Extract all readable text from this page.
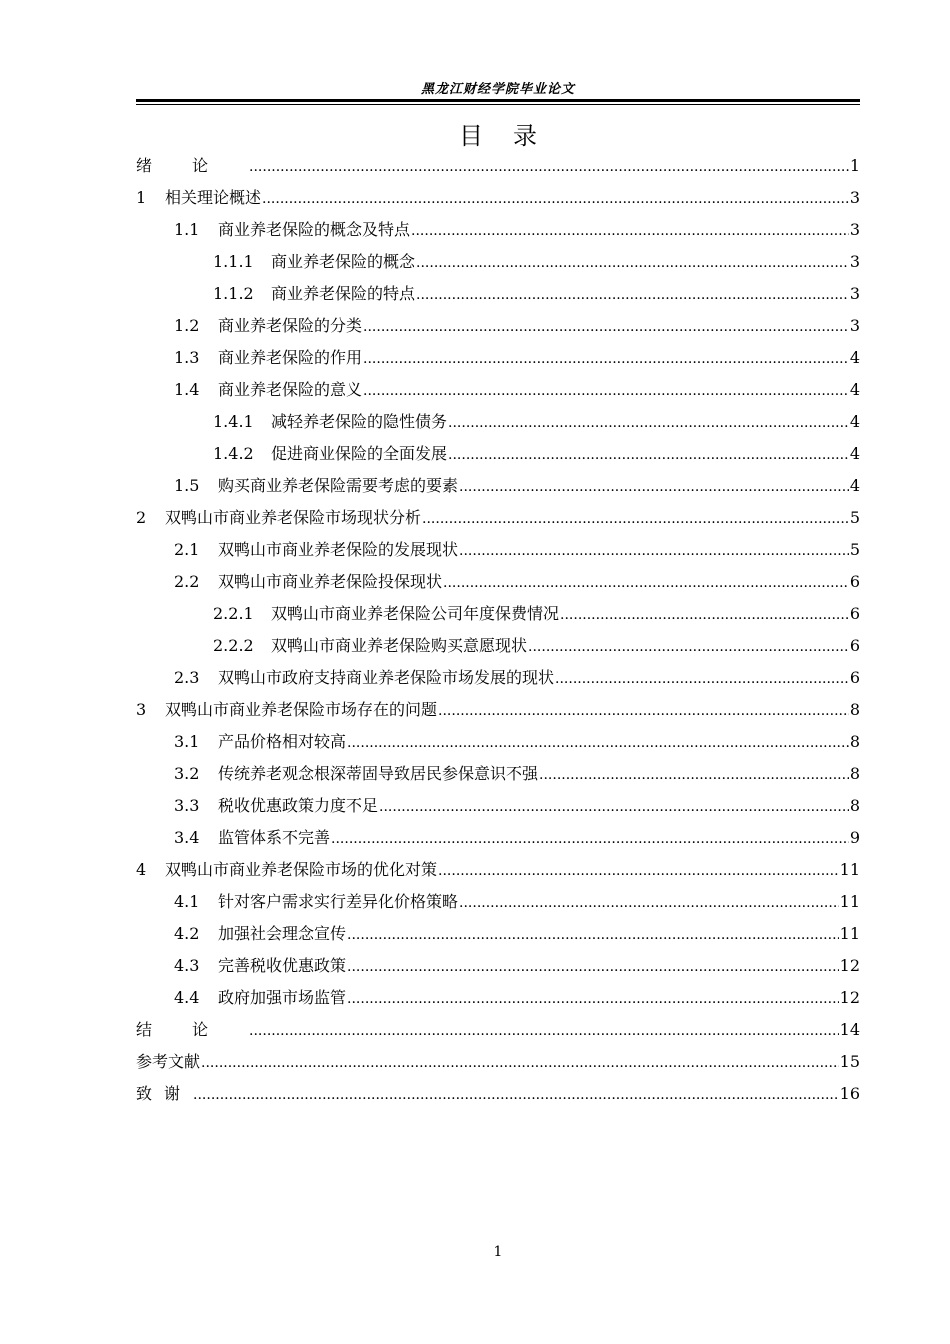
黑龙江财经学院毕业论文
目录
绪论 .....	1
1	相关理论概述 .....	3
1.1	商业养老保险的概念及特点 .....	3
1.1.1	商业养老保险的概念 .....	3
1.1.2	商业养老保险的特点 .....	3
1.2	商业养老保险的分类 .....	3
1.3	商业养老保险的作用 .....	4
1.4	商业养老保险的意义 .....	4
1.4.1	减轻养老保险的隐性债务 .....	4
1.4.2	促进商业保险的全面发展 .....	4
1.5	购买商业养老保险需要考虑的要素 .....	4
2	双鸭山市商业养老保险市场现状分析 .....	5
2.1	双鸭山市商业养老保险的发展现状 .....	5
2.2	双鸭山市商业养老保险投保现状 .....	6
2.2.1	双鸭山市商业养老保险公司年度保费情况 .....	6
2.2.2	双鸭山市商业养老保险购买意愿现状 .....	6
2.3	双鸭山市政府支持商业养老保险市场发展的现状 .....	6
3	双鸭山市商业养老保险市场存在的问题 .....	8
3.1	产品价格相对较高 .....	8
3.2	传统养老观念根深蒂固导致居民参保意识不强 .....	8
3.3	税收优惠政策力度不足 .....	8
3.4	监管体系不完善 .....	9
4	双鸭山市商业养老保险市场的优化对策 .....	11
4.1	针对客户需求实行差异化价格策略 .....	11
4.2	加强社会理念宣传 .....	11
4.3	完善税收优惠政策 .....	12
4.4	政府加强市场监管 .....	12
结论 .....	14
参考文献 .....	15
致谢 .....	16
1
